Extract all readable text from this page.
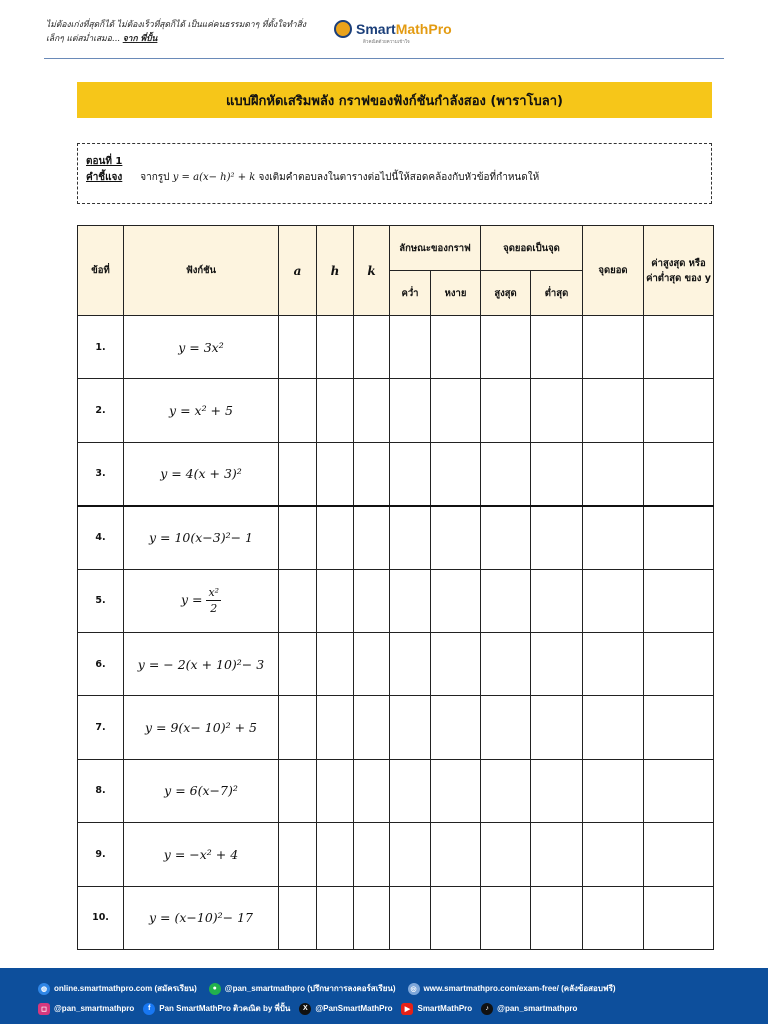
ไม่ต้องเก่งที่สุดก็ได้ ไม่ต้องเร็วที่สุดก็ได้ เป็นแค่คนธรรมดาๆ ที่ตั้งใจทำสิ่งเล็กๆ แต่สม่ำเสมอ... จาก พี่ปั้น
SmartMathPro
ติวคณิตด้วยความเข้าใจ
แบบฝึกหัดเสริมพลัง กราฟของฟังก์ชันกำลังสอง (พาราโบลา)
ตอนที่ 1
คำชี้แจง จากรูป y = a(x− h)² + k จงเติมคำตอบลงในตารางต่อไปนี้ให้สอดคล้องกับหัวข้อที่กำหนดให้
ข้อที่	ฟังก์ชัน	a	h	k	ลักษณะของกราฟ		จุดยอดเป็นจุด		จุดยอด	ค่าสูงสุด หรือ ค่าต่ำสุด ของ y
					คว่ำ	หงาย	สูงสุด	ต่ำสุด		
1.	y = 3x²									
2.	y = x² + 5									
3.	y = 4(x + 3)²									
4.	y = 10(x−3)²− 1									
5.	$y = \frac{\text{x²}}{2}$

6.	y = − 2(x + 10)²− 3									
7.	y = 9(x− 10)² + 5									
8.	y = 6(x−7)²									
9.	y = −x² + 4									
10.	y = (x−10)²− 17									
◍ online.smartmathpro.com (สมัครเรียน)	● @pan_smartmathpro (ปรึกษาการลงคอร์สเรียน)	◎ www.smartmathpro.com/exam-free/ (คลังข้อสอบฟรี)
◻ @pan_smartmathpro	f	Pan SmartMathPro ติวคณิต by พี่ปั้น	X @PanSmartMathPro	▶ SmartMathPro	♪	@pan_smartmathpro
